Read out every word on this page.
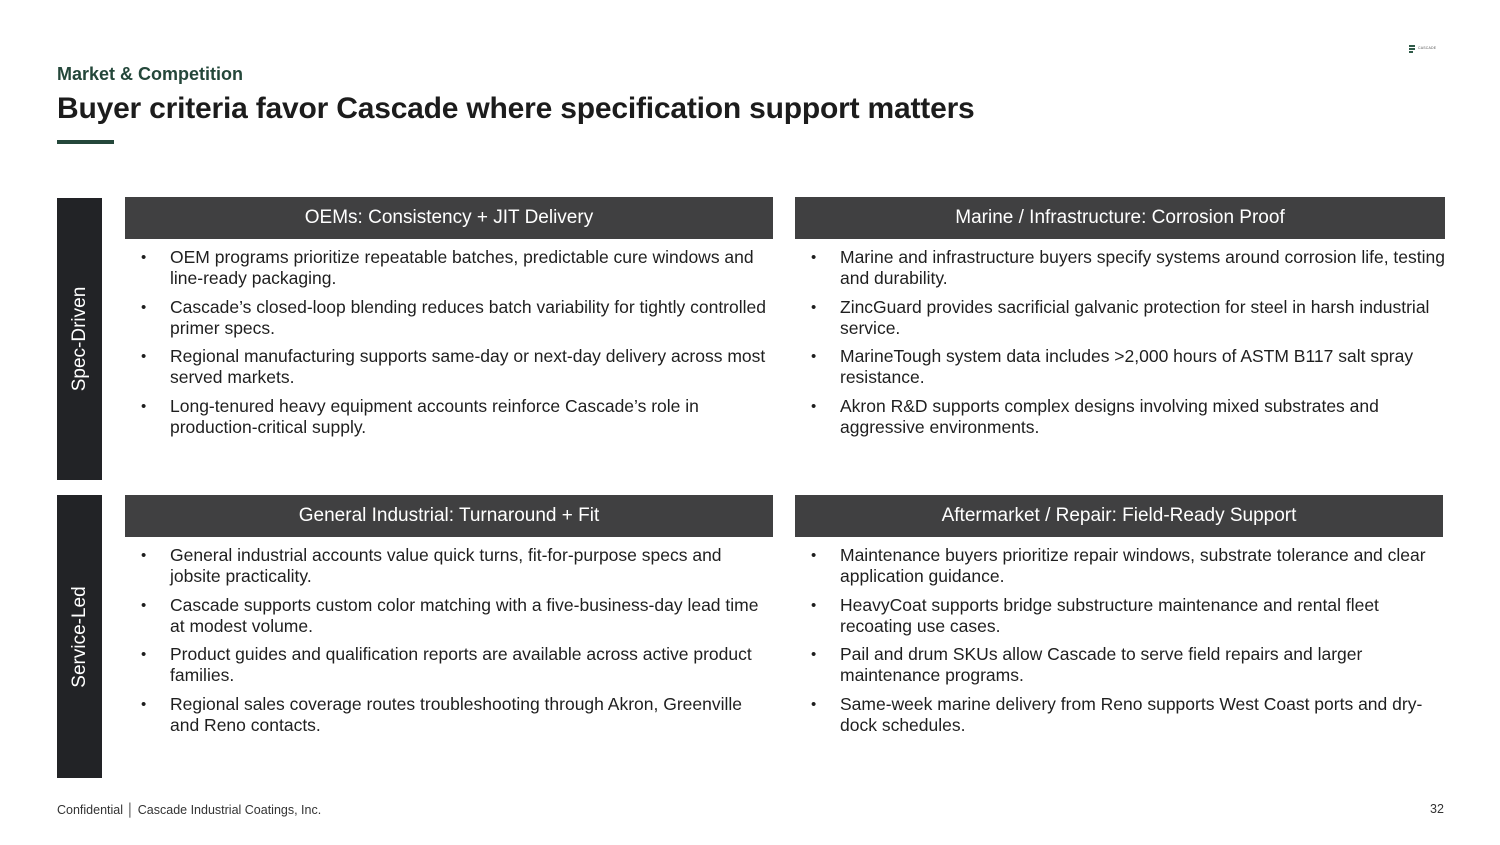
Market & Competition
Buyer criteria favor Cascade where specification support matters
CASCADE
Spec-Driven
Service-Led
OEMs: Consistency + JIT Delivery
• OEM programs prioritize repeatable batches, predictable cure windows and line-ready packaging.
• Cascade’s closed-loop blending reduces batch variability for tightly controlled primer specs.
• Regional manufacturing supports same-day or next-day delivery across most served markets.
• Long-tenured heavy equipment accounts reinforce Cascade’s role in production-critical supply.
Marine / Infrastructure: Corrosion Proof
• Marine and infrastructure buyers specify systems around corrosion life, testing and durability.
• ZincGuard provides sacrificial galvanic protection for steel in harsh industrial service.
• MarineTough system data includes >2,000 hours of ASTM B117 salt spray resistance.
• Akron R&D supports complex designs involving mixed substrates and aggressive environments.
General Industrial: Turnaround + Fit
• General industrial accounts value quick turns, fit-for-purpose specs and jobsite practicality.
• Cascade supports custom color matching with a five-business-day lead time at modest volume.
• Product guides and qualification reports are available across active product families.
• Regional sales coverage routes troubleshooting through Akron, Greenville and Reno contacts.
Aftermarket / Repair: Field-Ready Support
• Maintenance buyers prioritize repair windows, substrate tolerance and clear application guidance.
• HeavyCoat supports bridge substructure maintenance and rental fleet recoating use cases.
• Pail and drum SKUs allow Cascade to serve field repairs and larger maintenance programs.
• Same-week marine delivery from Reno supports West Coast ports and dry-dock schedules.
Confidential │ Cascade Industrial Coatings, Inc.	32
